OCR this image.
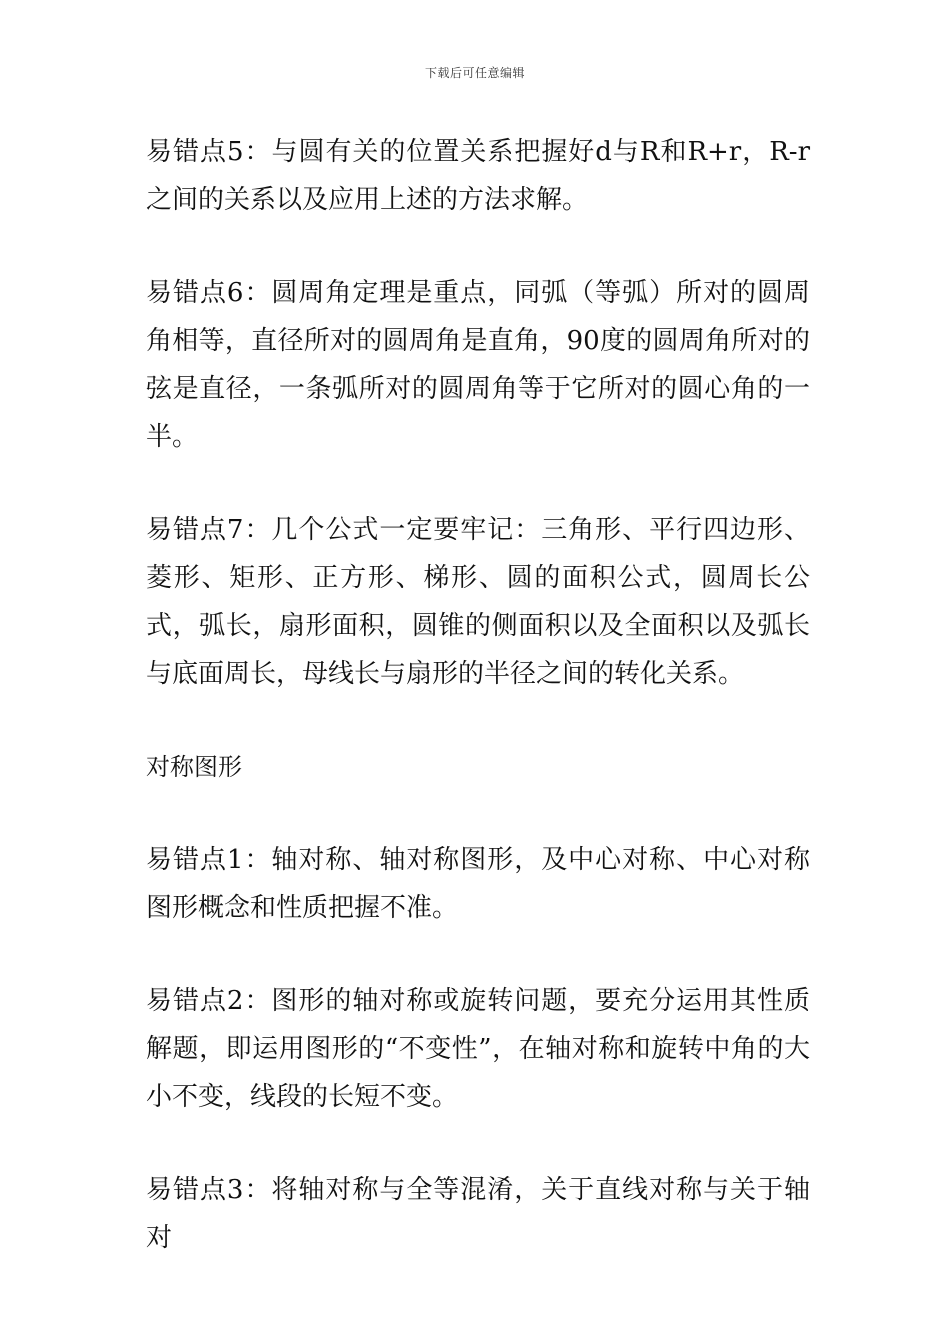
下载后可任意编辑

易错点5：与圆有关的位置关系把握好d与R和R+r，R-r之间的关系以及应用上述的方法求解。

易错点6：圆周角定理是重点，同弧（等弧）所对的圆周角相等，直径所对的圆周角是直角，90度的圆周角所对的弦是直径，一条弧所对的圆周角等于它所对的圆心角的一半。

易错点7：几个公式一定要牢记：三角形、平行四边形、菱形、矩形、正方形、梯形、圆的面积公式，圆周长公式，弧长，扇形面积，圆锥的侧面积以及全面积以及弧长与底面周长，母线长与扇形的半径之间的转化关系。

对称图形

易错点1：轴对称、轴对称图形，及中心对称、中心对称图形概念和性质把握不准。

易错点2：图形的轴对称或旋转问题，要充分运用其性质解题，即运用图形的“不变性”，在轴对称和旋转中角的大小不变，线段的长短不变。

易错点3：将轴对称与全等混淆，关于直线对称与关于轴对
